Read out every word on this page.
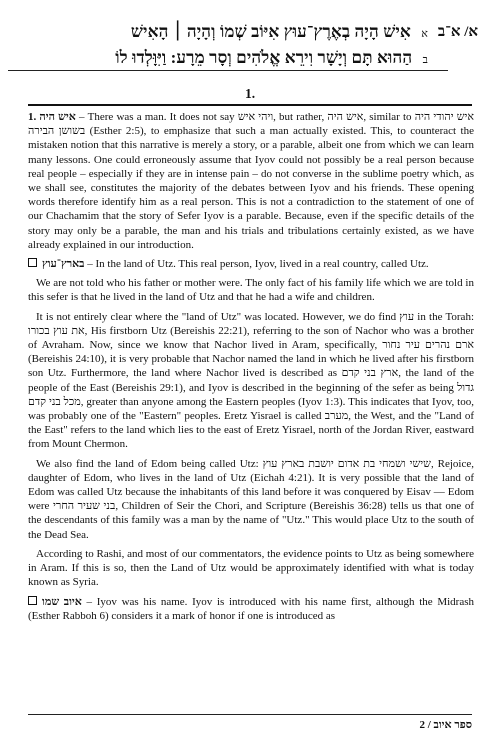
א/ א־ב
א אִישׁ הָיָה בְאֶרֶץ־עוּץ אִיּוֹב שְׁמוֹ וְהָיָה ׀ הָאִישׁ
ב הַהוּא תָּם וְיָשָׁר וִירֵא אֱלֹהִים וְסָר מֵרָע: וַיִּוָּלְדוּ לוֹ
1.

1. איש היה – There was a man. It does not say ויהי איש, but rather, איש היה, similar to איש יהודי היה בשושן הבירה (Esther 2:5), to emphasize that such a man actually existed. This, to counteract the mistaken notion that this narrative is merely a story, or a parable, albeit one from which we can learn many lessons. One could erroneously assume that Iyov could not possibly be a real person because real people – especially if they are in intense pain – do not converse in the sublime poetry which, as we shall see, constitutes the majority of the debates between Iyov and his friends. These opening words therefore identify him as a real person. This is not a contradiction to the statement of one of our Chachamim that the story of Sefer Iyov is a parable. Because, even if the specific details of the story may only be a parable, the man and his trials and tribulations certainly existed, as we have already explained in our introduction.

בארץ־עוץ – In the land of Utz. This real person, Iyov, lived in a real country, called Utz.

We are not told who his father or mother were. The only fact of his family life which we are told in this sefer is that he lived in the land of Utz and that he had a wife and children.

It is not entirely clear where the "land of Utz" was located. However, we do find עוץ in the Torah: את עוץ בכורו, His firstborn Utz (Bereishis 22:21), referring to the son of Nachor who was a brother of Avraham. Now, since we know that Nachor lived in Aram, specifically, ארם נהרים עיר נחור (Bereishis 24:10), it is very probable that Nachor named the land in which he lived after his firstborn son Utz. Furthermore, the land where Nachor lived is described as ארץ בני קדם, the land of the people of the East (Bereishis 29:1), and Iyov is described in the beginning of the sefer as being גדול מכל בני קדם, greater than anyone among the Eastern peoples (Iyov 1:3). This indicates that Iyov, too, was probably one of the "Eastern" peoples. Eretz Yisrael is called מערב, the West, and the "Land of the East" refers to the land which lies to the east of Eretz Yisrael, north of the Jordan River, eastward from Mount Chermon.

We also find the land of Edom being called Utz: שישי ושמחי בת אדום יושבת בארץ עוץ, Rejoice, daughter of Edom, who lives in the land of Utz (Eichah 4:21). It is very possible that the land of Edom was called Utz because the inhabitants of this land before it was conquered by Eisav — Edom were בני שעיר החרי, Children of Seir the Chori, and Scripture (Bereishis 36:28) tells us that one of the descendants of this family was a man by the name of "Utz." This would place Utz to the south of the Dead Sea.

According to Rashi, and most of our commentators, the evidence points to Utz as being somewhere in Aram. If this is so, then the Land of Utz would be approximately identified with what is today known as Syria.

איוב שמו – Iyov was his name. Iyov is introduced with his name first, although the Midrash (Esther Rabboh 6) considers it a mark of honor if one is introduced as

2 / ספר איוב
